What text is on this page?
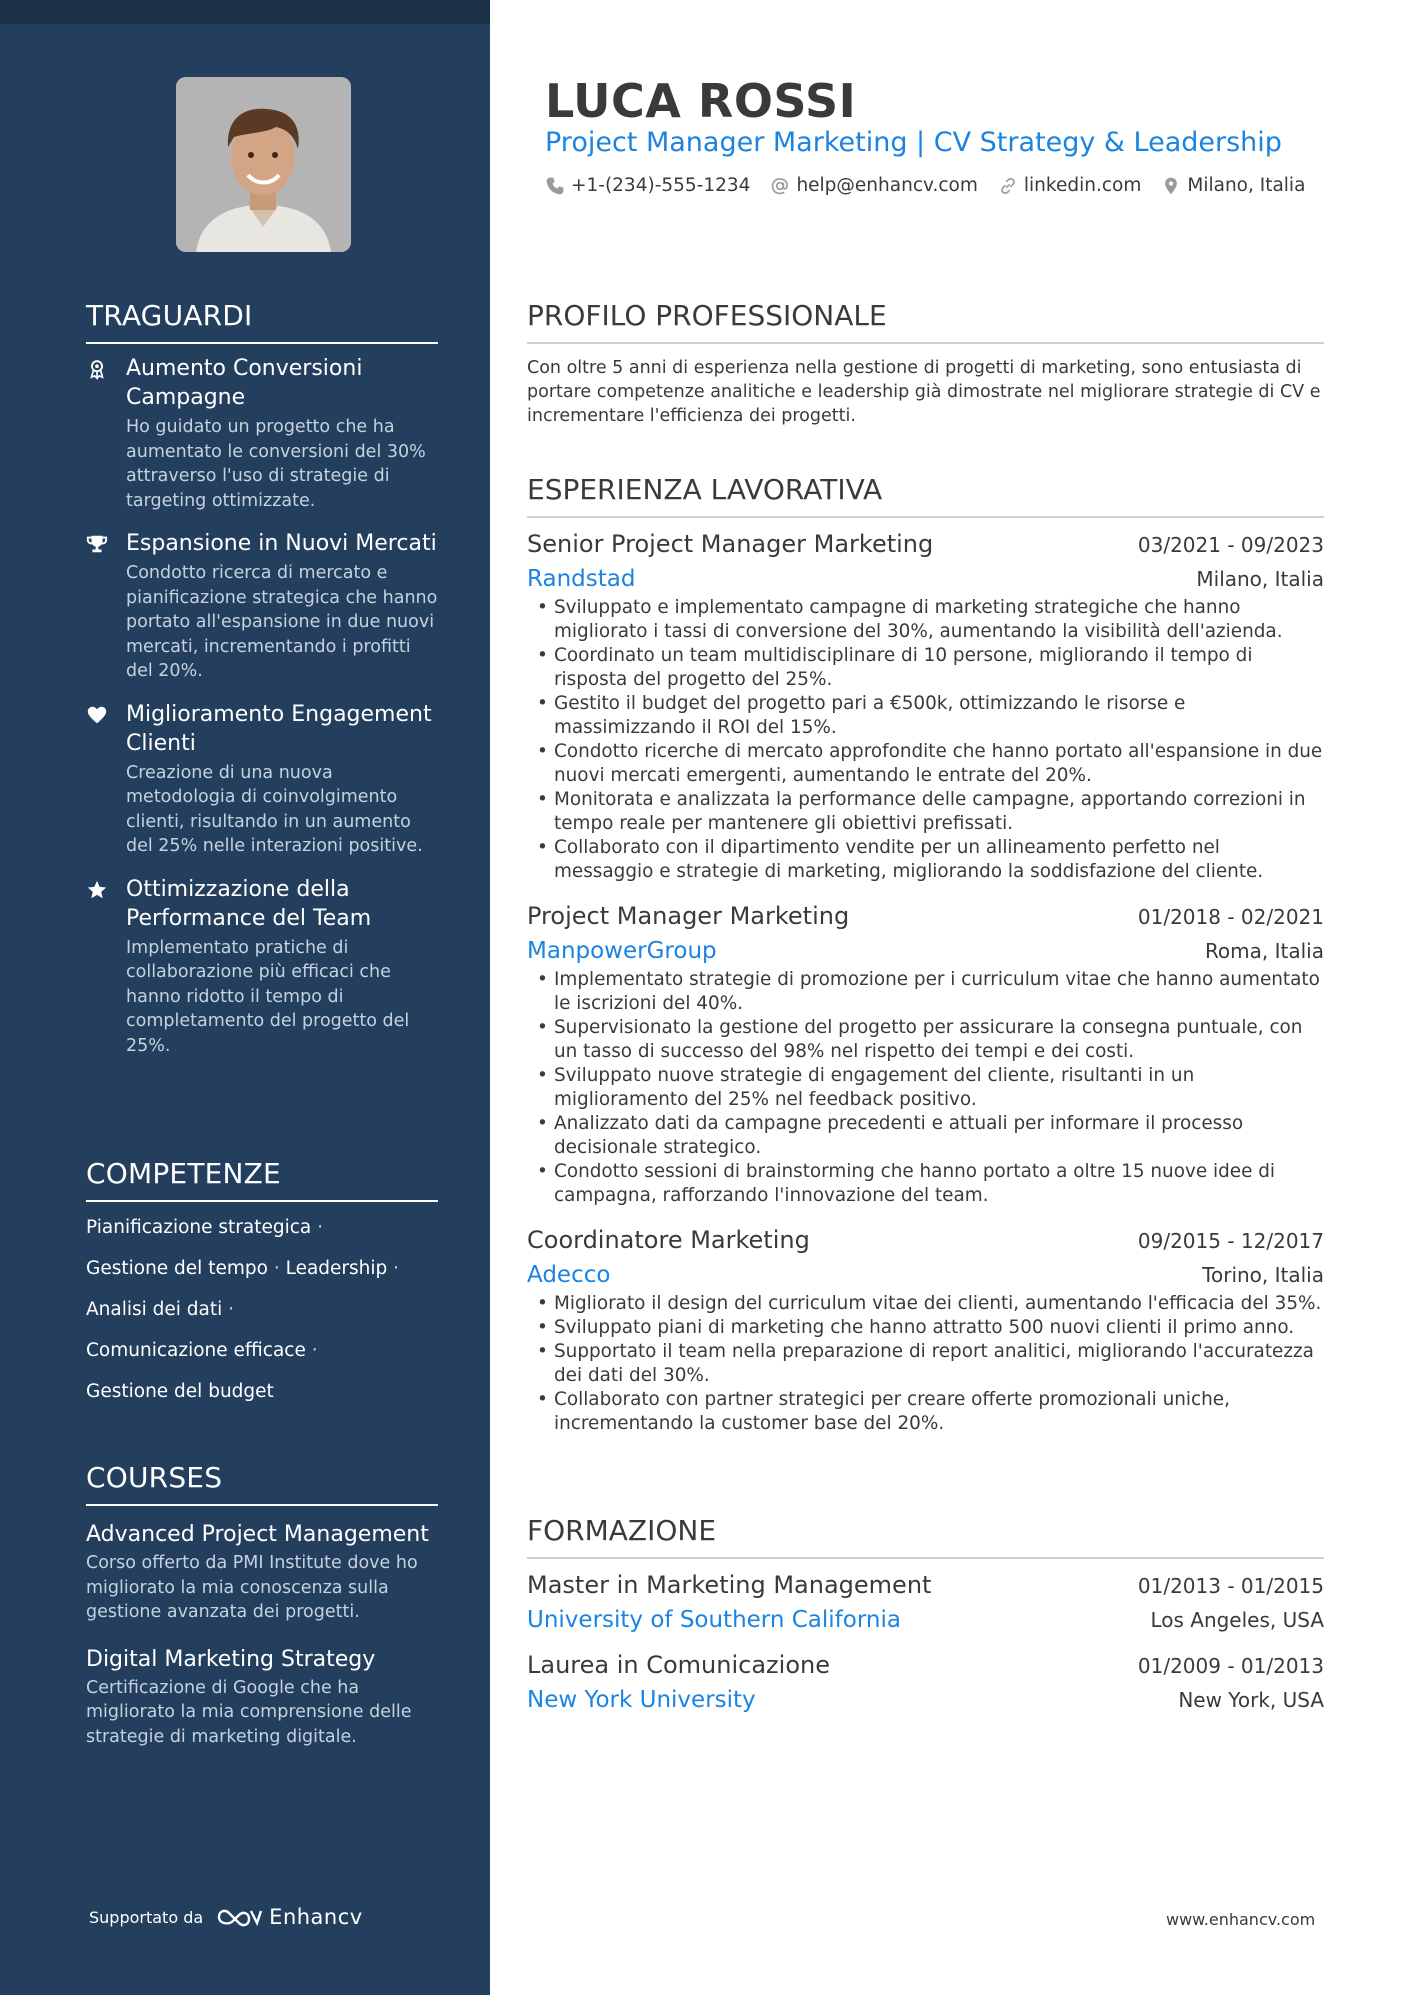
TRAGUARDI
Aumento Conversioni Campagne
Ho guidato un progetto che ha aumentato le conversioni del 30% attraverso l'uso di strategie di targeting ottimizzate.
Espansione in Nuovi Mercati
Condotto ricerca di mercato e pianificazione strategica che hanno portato all'espansione in due nuovi mercati, incrementando i profitti del 20%.
Miglioramento Engagement Clienti
Creazione di una nuova metodologia di coinvolgimento clienti, risultando in un aumento del 25% nelle interazioni positive.
Ottimizzazione della Performance del Team
Implementato pratiche di collaborazione più efficaci che hanno ridotto il tempo di completamento del progetto del 25%.
COMPETENZE
Pianificazione strategica ·
Gestione del tempo · Leadership ·
Analisi dei dati ·
Comunicazione efficace ·
Gestione del budget
COURSES
Advanced Project Management
Corso offerto da PMI Institute dove ho migliorato la mia conoscenza sulla gestione avanzata dei progetti.
Digital Marketing Strategy
Certificazione di Google che ha migliorato la mia comprensione delle strategie di marketing digitale.
Supportato da	Enhancv
LUCA ROSSI
Project Manager Marketing | CV Strategy & Leadership
+1-(234)-555-1234 help@enhancv.com linkedin.com Milano, Italia
PROFILO PROFESSIONALE
Con oltre 5 anni di esperienza nella gestione di progetti di marketing, sono entusiasta di portare competenze analitiche e leadership già dimostrate nel migliorare strategie di CV e incrementare l'efficienza dei progetti.
ESPERIENZA LAVORATIVA
Senior Project Manager Marketing	03/2021 - 09/2023
Randstad	Milano, Italia
• Sviluppato e implementato campagne di marketing strategiche che hanno migliorato i tassi di conversione del 30%, aumentando la visibilità dell'azienda.
• Coordinato un team multidisciplinare di 10 persone, migliorando il tempo di risposta del progetto del 25%.
• Gestito il budget del progetto pari a €500k, ottimizzando le risorse e massimizzando il ROI del 15%.
• Condotto ricerche di mercato approfondite che hanno portato all'espansione in due nuovi mercati emergenti, aumentando le entrate del 20%.
• Monitorata e analizzata la performance delle campagne, apportando correzioni in tempo reale per mantenere gli obiettivi prefissati.
• Collaborato con il dipartimento vendite per un allineamento perfetto nel messaggio e strategie di marketing, migliorando la soddisfazione del cliente.
Project Manager Marketing	01/2018 - 02/2021
ManpowerGroup	Roma, Italia
• Implementato strategie di promozione per i curriculum vitae che hanno aumentato le iscrizioni del 40%.
• Supervisionato la gestione del progetto per assicurare la consegna puntuale, con un tasso di successo del 98% nel rispetto dei tempi e dei costi.
• Sviluppato nuove strategie di engagement del cliente, risultanti in un miglioramento del 25% nel feedback positivo.
• Analizzato dati da campagne precedenti e attuali per informare il processo decisionale strategico.
• Condotto sessioni di brainstorming che hanno portato a oltre 15 nuove idee di campagna, rafforzando l'innovazione del team.
Coordinatore Marketing	09/2015 - 12/2017
Adecco	Torino, Italia
• Migliorato il design del curriculum vitae dei clienti, aumentando l'efficacia del 35%.
• Sviluppato piani di marketing che hanno attratto 500 nuovi clienti il primo anno.
• Supportato il team nella preparazione di report analitici, migliorando l'accuratezza dei dati del 30%.
• Collaborato con partner strategici per creare offerte promozionali uniche, incrementando la customer base del 20%.
FORMAZIONE
Master in Marketing Management	01/2013 - 01/2015
University of Southern California	Los Angeles, USA
Laurea in Comunicazione	01/2009 - 01/2013
New York University	New York, USA
www.enhancv.com
